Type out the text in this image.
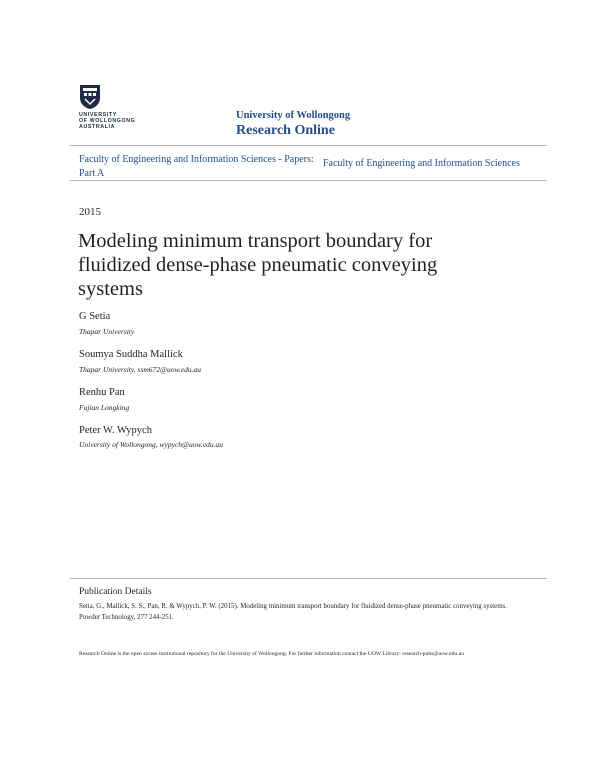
UNIVERSITY
OF WOLLONGONG
AUSTRALIA
University of Wollongong
Research Online
Faculty of Engineering and Information Sciences - Papers: Part A
Faculty of Engineering and Information Sciences
2015
Modeling minimum transport boundary for fluidized dense-phase pneumatic conveying systems
G Setia
Thapar University
Soumya Suddha Mallick
Thapar University, ssm672@uow.edu.au
Renhu Pan
Fujian Longking
Peter W. Wypych
University of Wollongong, wypych@uow.edu.au
Publication Details
Setia, G., Mallick, S. S., Pan, R. & Wypych, P. W. (2015). Modeling minimum transport boundary for fluidized dense-phase pneumatic conveying systems. Powder Technology, 277 244-251.
Research Online is the open access institutional repository for the University of Wollongong. For further information contact the UOW Library: research-pubs@uow.edu.au
